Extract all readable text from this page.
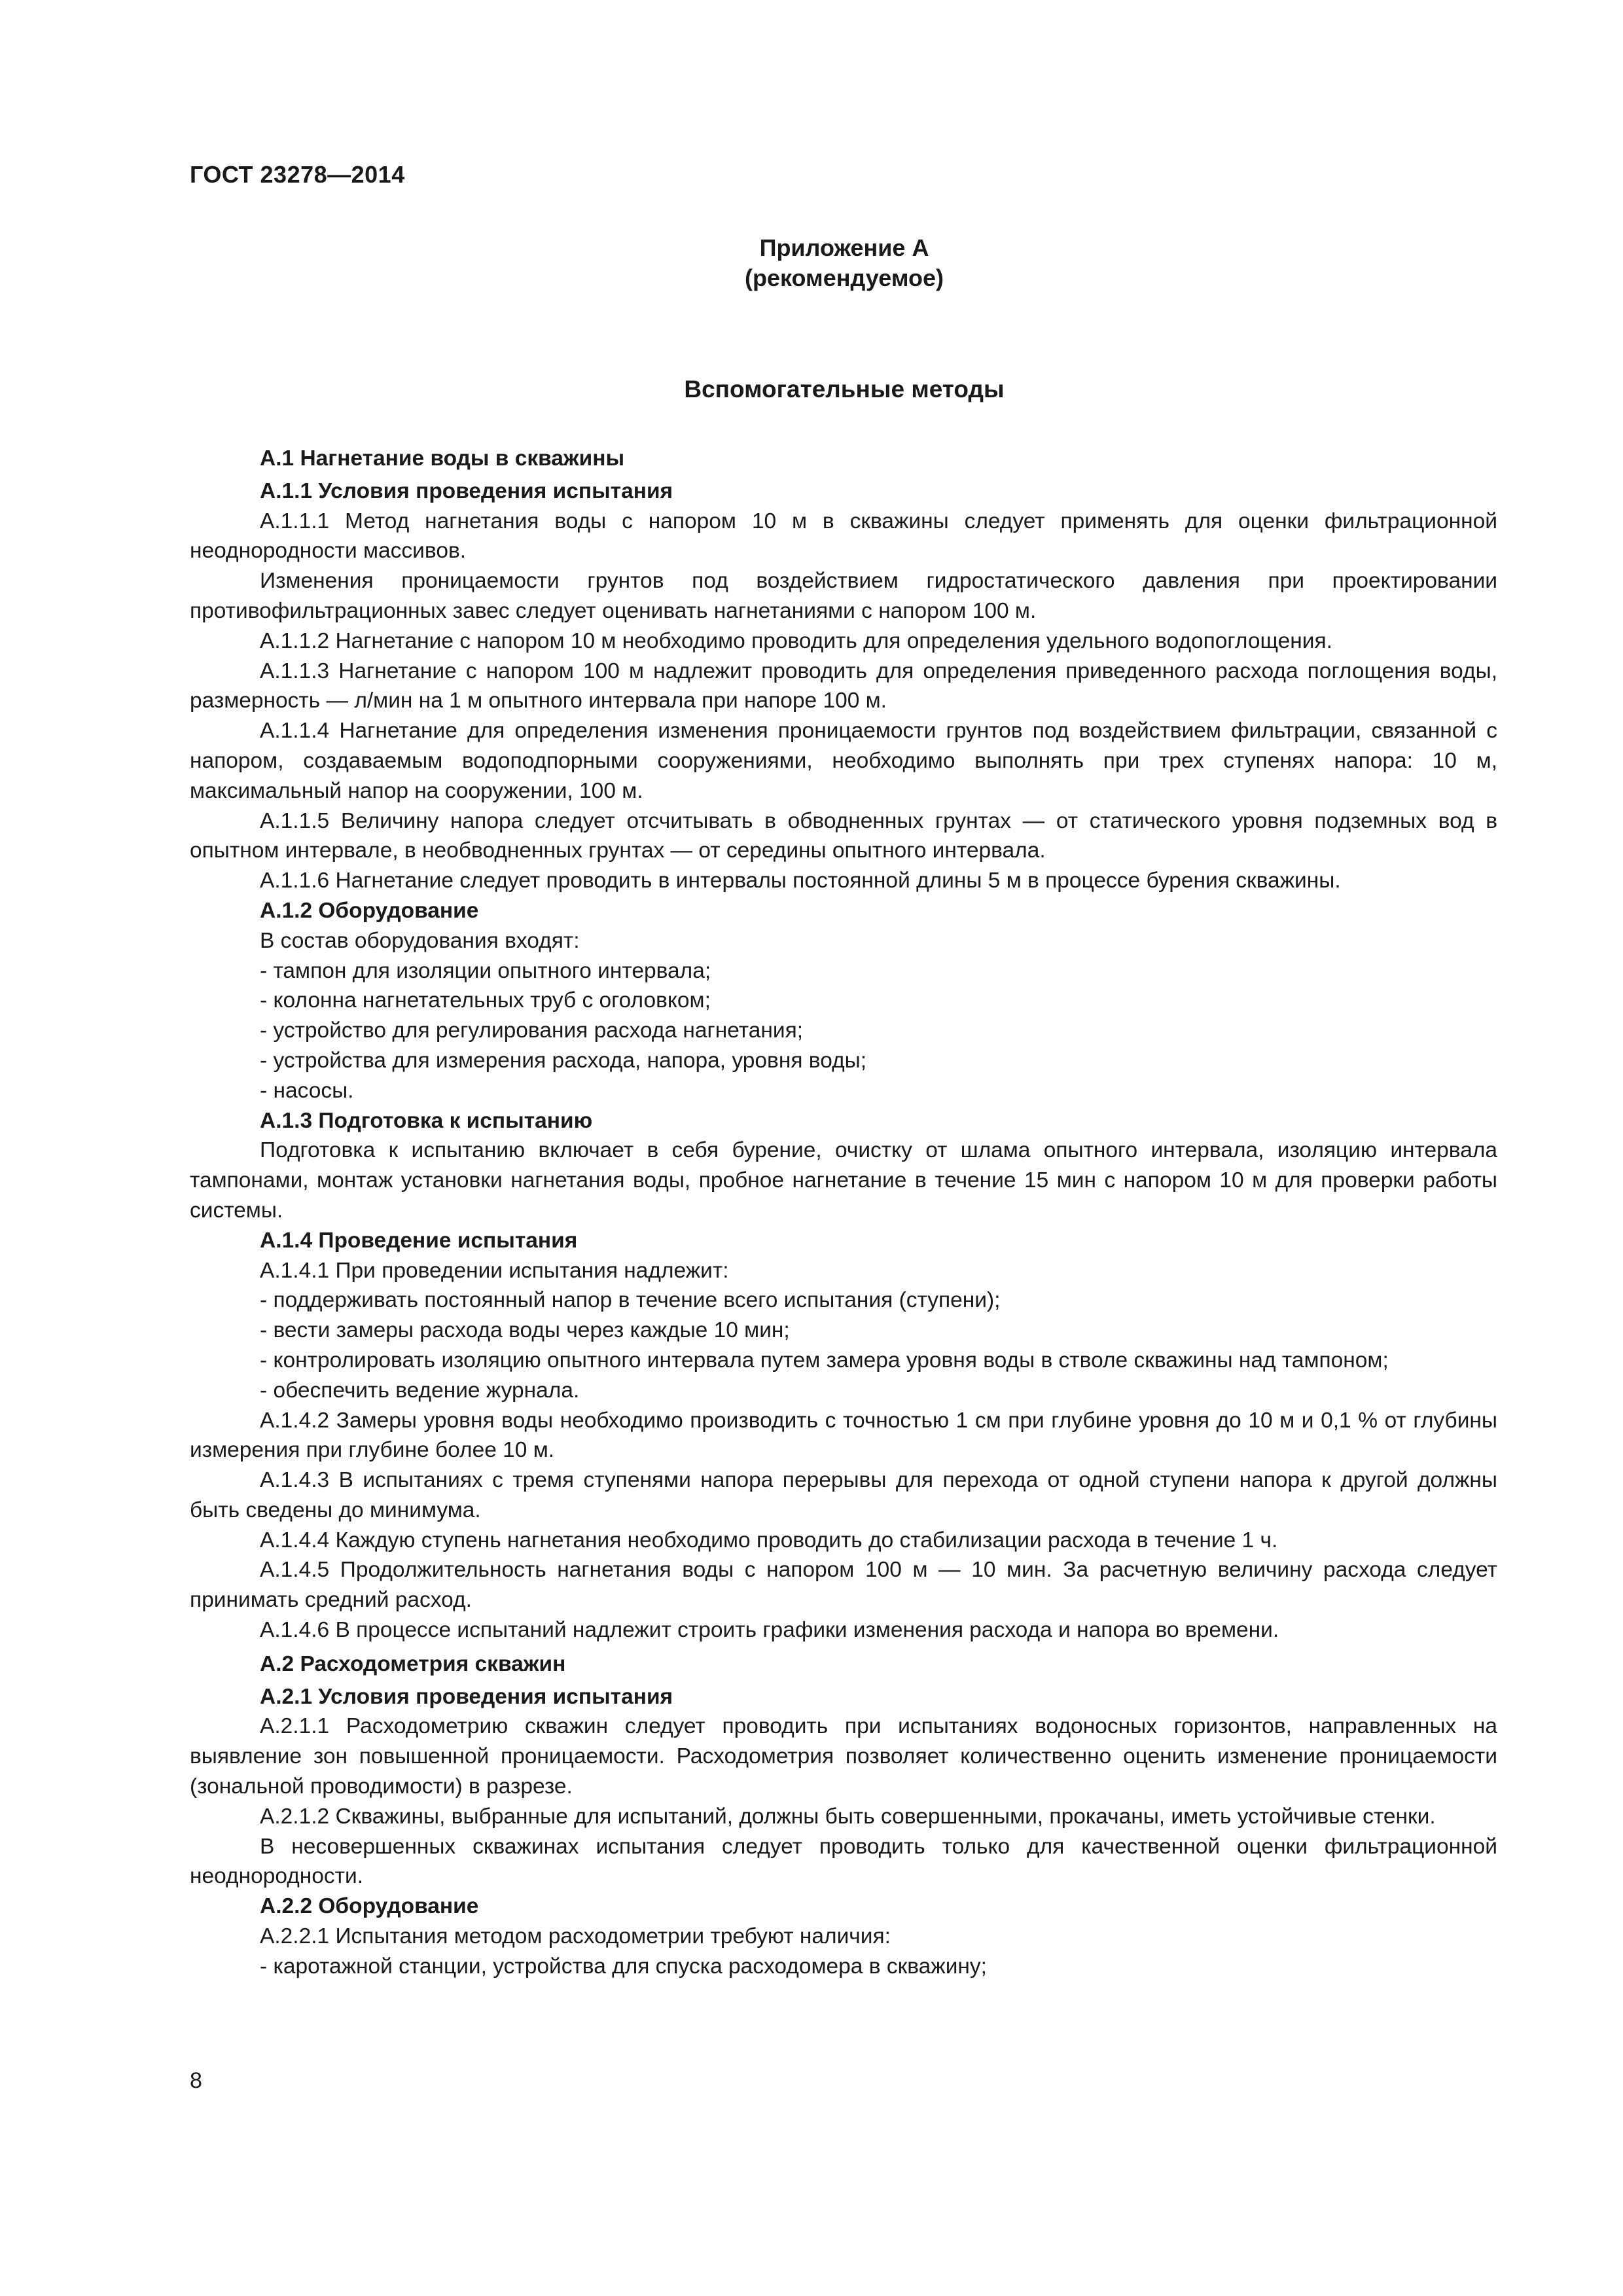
ГОСТ 23278—2014
Приложение А
(рекомендуемое)
Вспомогательные методы

А.1 Нагнетание воды в скважины

А.1.1 Условия проведения испытания

А.1.1.1 Метод нагнетания воды с напором 10 м в скважины следует применять для оценки фильтрационной неоднородности массивов.

Изменения проницаемости грунтов под воздействием гидростатического давления при проектировании противофильтрационных завес следует оценивать нагнетаниями с напором 100 м.

А.1.1.2 Нагнетание с напором 10 м необходимо проводить для определения удельного водопоглощения.

А.1.1.3 Нагнетание с напором 100 м надлежит проводить для определения приведенного расхода поглощения воды, размерность — л/мин на 1 м опытного интервала при напоре 100 м.

А.1.1.4 Нагнетание для определения изменения проницаемости грунтов под воздействием фильтрации, связанной с напором, создаваемым водоподпорными сооружениями, необходимо выполнять при трех ступенях напора: 10 м, максимальный напор на сооружении, 100 м.

А.1.1.5 Величину напора следует отсчитывать в обводненных грунтах — от статического уровня подземных вод в опытном интервале, в необводненных грунтах — от середины опытного интервала.

А.1.1.6 Нагнетание следует проводить в интервалы постоянной длины 5 м в процессе бурения скважины.

А.1.2 Оборудование

В состав оборудования входят:

- тампон для изоляции опытного интервала;

- колонна нагнетательных труб с оголовком;

- устройство для регулирования расхода нагнетания;

- устройства для измерения расхода, напора, уровня воды;

- насосы.

А.1.3 Подготовка к испытанию

Подготовка к испытанию включает в себя бурение, очистку от шлама опытного интервала, изоляцию интервала тампонами, монтаж установки нагнетания воды, пробное нагнетание в течение 15 мин с напором 10 м для проверки работы системы.

А.1.4 Проведение испытания

А.1.4.1 При проведении испытания надлежит:

- поддерживать постоянный напор в течение всего испытания (ступени);

- вести замеры расхода воды через каждые 10 мин;

- контролировать изоляцию опытного интервала путем замера уровня воды в стволе скважины над тампоном;

- обеспечить ведение журнала.

А.1.4.2 Замеры уровня воды необходимо производить с точностью 1 см при глубине уровня до 10 м и 0,1 % от глубины измерения при глубине более 10 м.

А.1.4.3 В испытаниях с тремя ступенями напора перерывы для перехода от одной ступени напора к другой должны быть сведены до минимума.

А.1.4.4 Каждую ступень нагнетания необходимо проводить до стабилизации расхода в течение 1 ч.

А.1.4.5 Продолжительность нагнетания воды с напором 100 м — 10 мин. За расчетную величину расхода следует принимать средний расход.

А.1.4.6 В процессе испытаний надлежит строить графики изменения расхода и напора во времени.

А.2 Расходометрия скважин

А.2.1 Условия проведения испытания

А.2.1.1 Расходометрию скважин следует проводить при испытаниях водоносных горизонтов, направленных на выявление зон повышенной проницаемости. Расходометрия позволяет количественно оценить изменение проницаемости (зональной проводимости) в разрезе.

А.2.1.2 Скважины, выбранные для испытаний, должны быть совершенными, прокачаны, иметь устойчивые стенки.

В несовершенных скважинах испытания следует проводить только для качественной оценки фильтрационной неоднородности.

А.2.2 Оборудование

А.2.2.1 Испытания методом расходометрии требуют наличия:

- каротажной станции, устройства для спуска расходомера в скважину;

8
